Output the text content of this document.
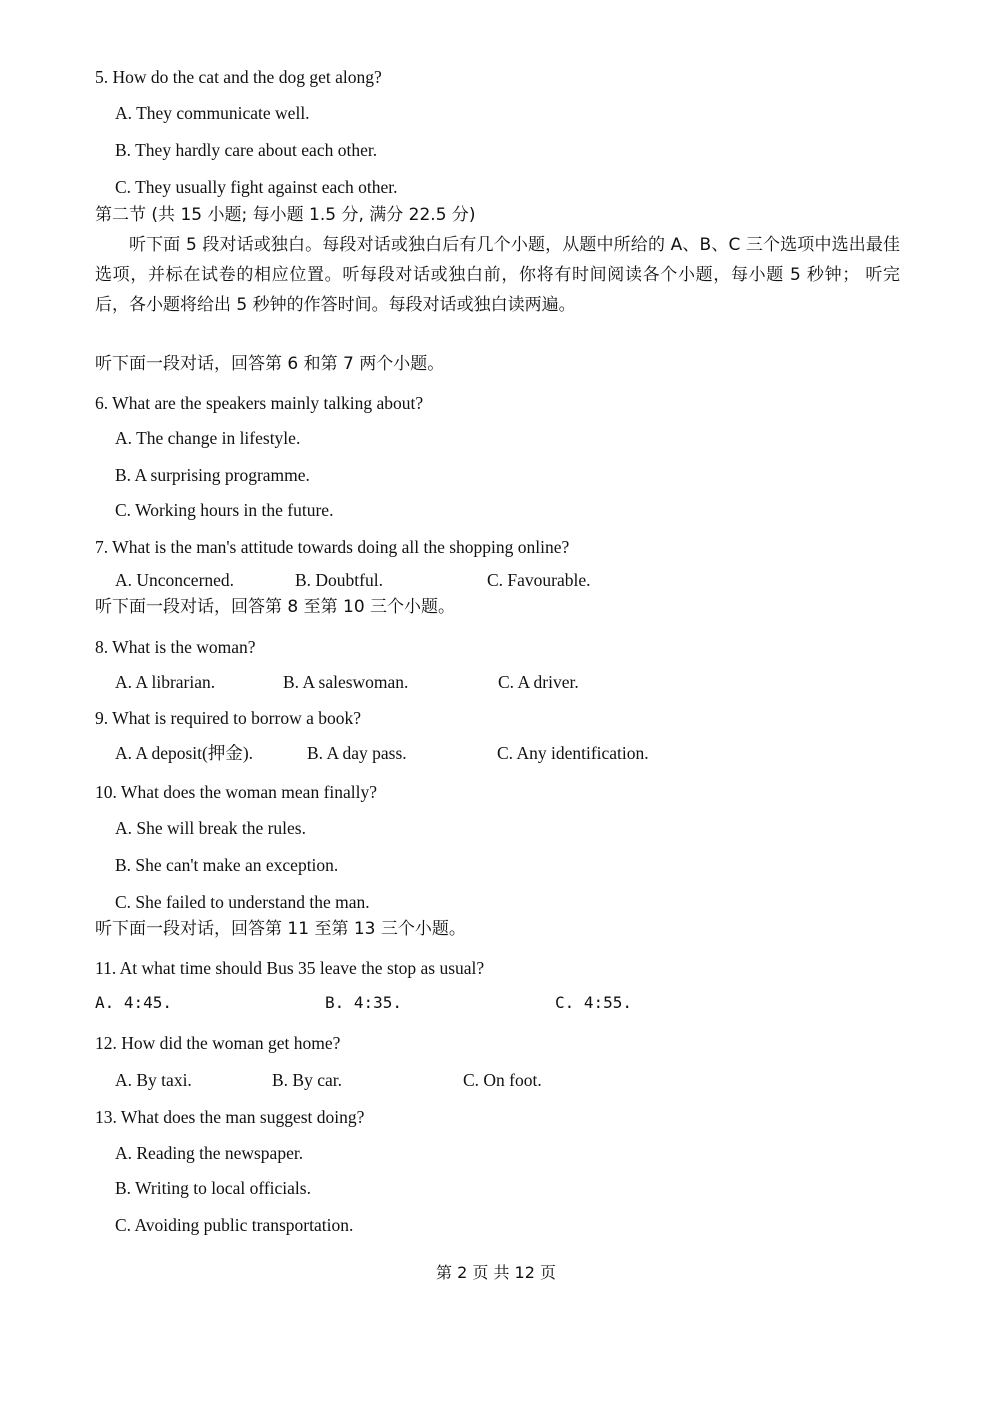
5. How do the cat and the dog get along?
A. They communicate well.
B. They hardly care about each other.
C. They usually fight against each other.
第二节 (共 15 小题; 每小题 1.5 分, 满分 22.5 分)
听下面 5 段对话或独白。每段对话或独白后有几个小题，从题中所给的 A、B、C 三个选项中选出最佳选项，并标在试卷的相应位置。听每段对话或独白前，你将有时间阅读各个小题，每小题 5 秒钟； 听完后，各小题将给出 5 秒钟的作答时间。每段对话或独白读两遍。
听下面一段对话，回答第 6 和第 7 两个小题。
6. What are the speakers mainly talking about?
A. The change in lifestyle.
B. A surprising programme.
C. Working hours in the future.
7. What is the man's attitude towards doing all the shopping online?
A. Unconcerned.	B. Doubtful.	C. Favourable.
听下面一段对话，回答第 8 至第 10 三个小题。
8. What is the woman?
A. A librarian.	B. A saleswoman.	C. A driver.
9. What is required to borrow a book?
A. A deposit(押金).	B. A day pass.	C. Any identification.
10. What does the woman mean finally?
A. She will break the rules.
B. She can't make an exception.
C. She failed to understand the man.
听下面一段对话，回答第 11 至第 13 三个小题。
11. At what time should Bus 35 leave the stop as usual?
A. 4:45.	B. 4:35.	C. 4:55.
12. How did the woman get home?
A. By taxi.	B. By car.	C. On foot.
13. What does the man suggest doing?
A. Reading the newspaper.
B. Writing to local officials.
C. Avoiding public transportation.
第 2 页 共 12 页
